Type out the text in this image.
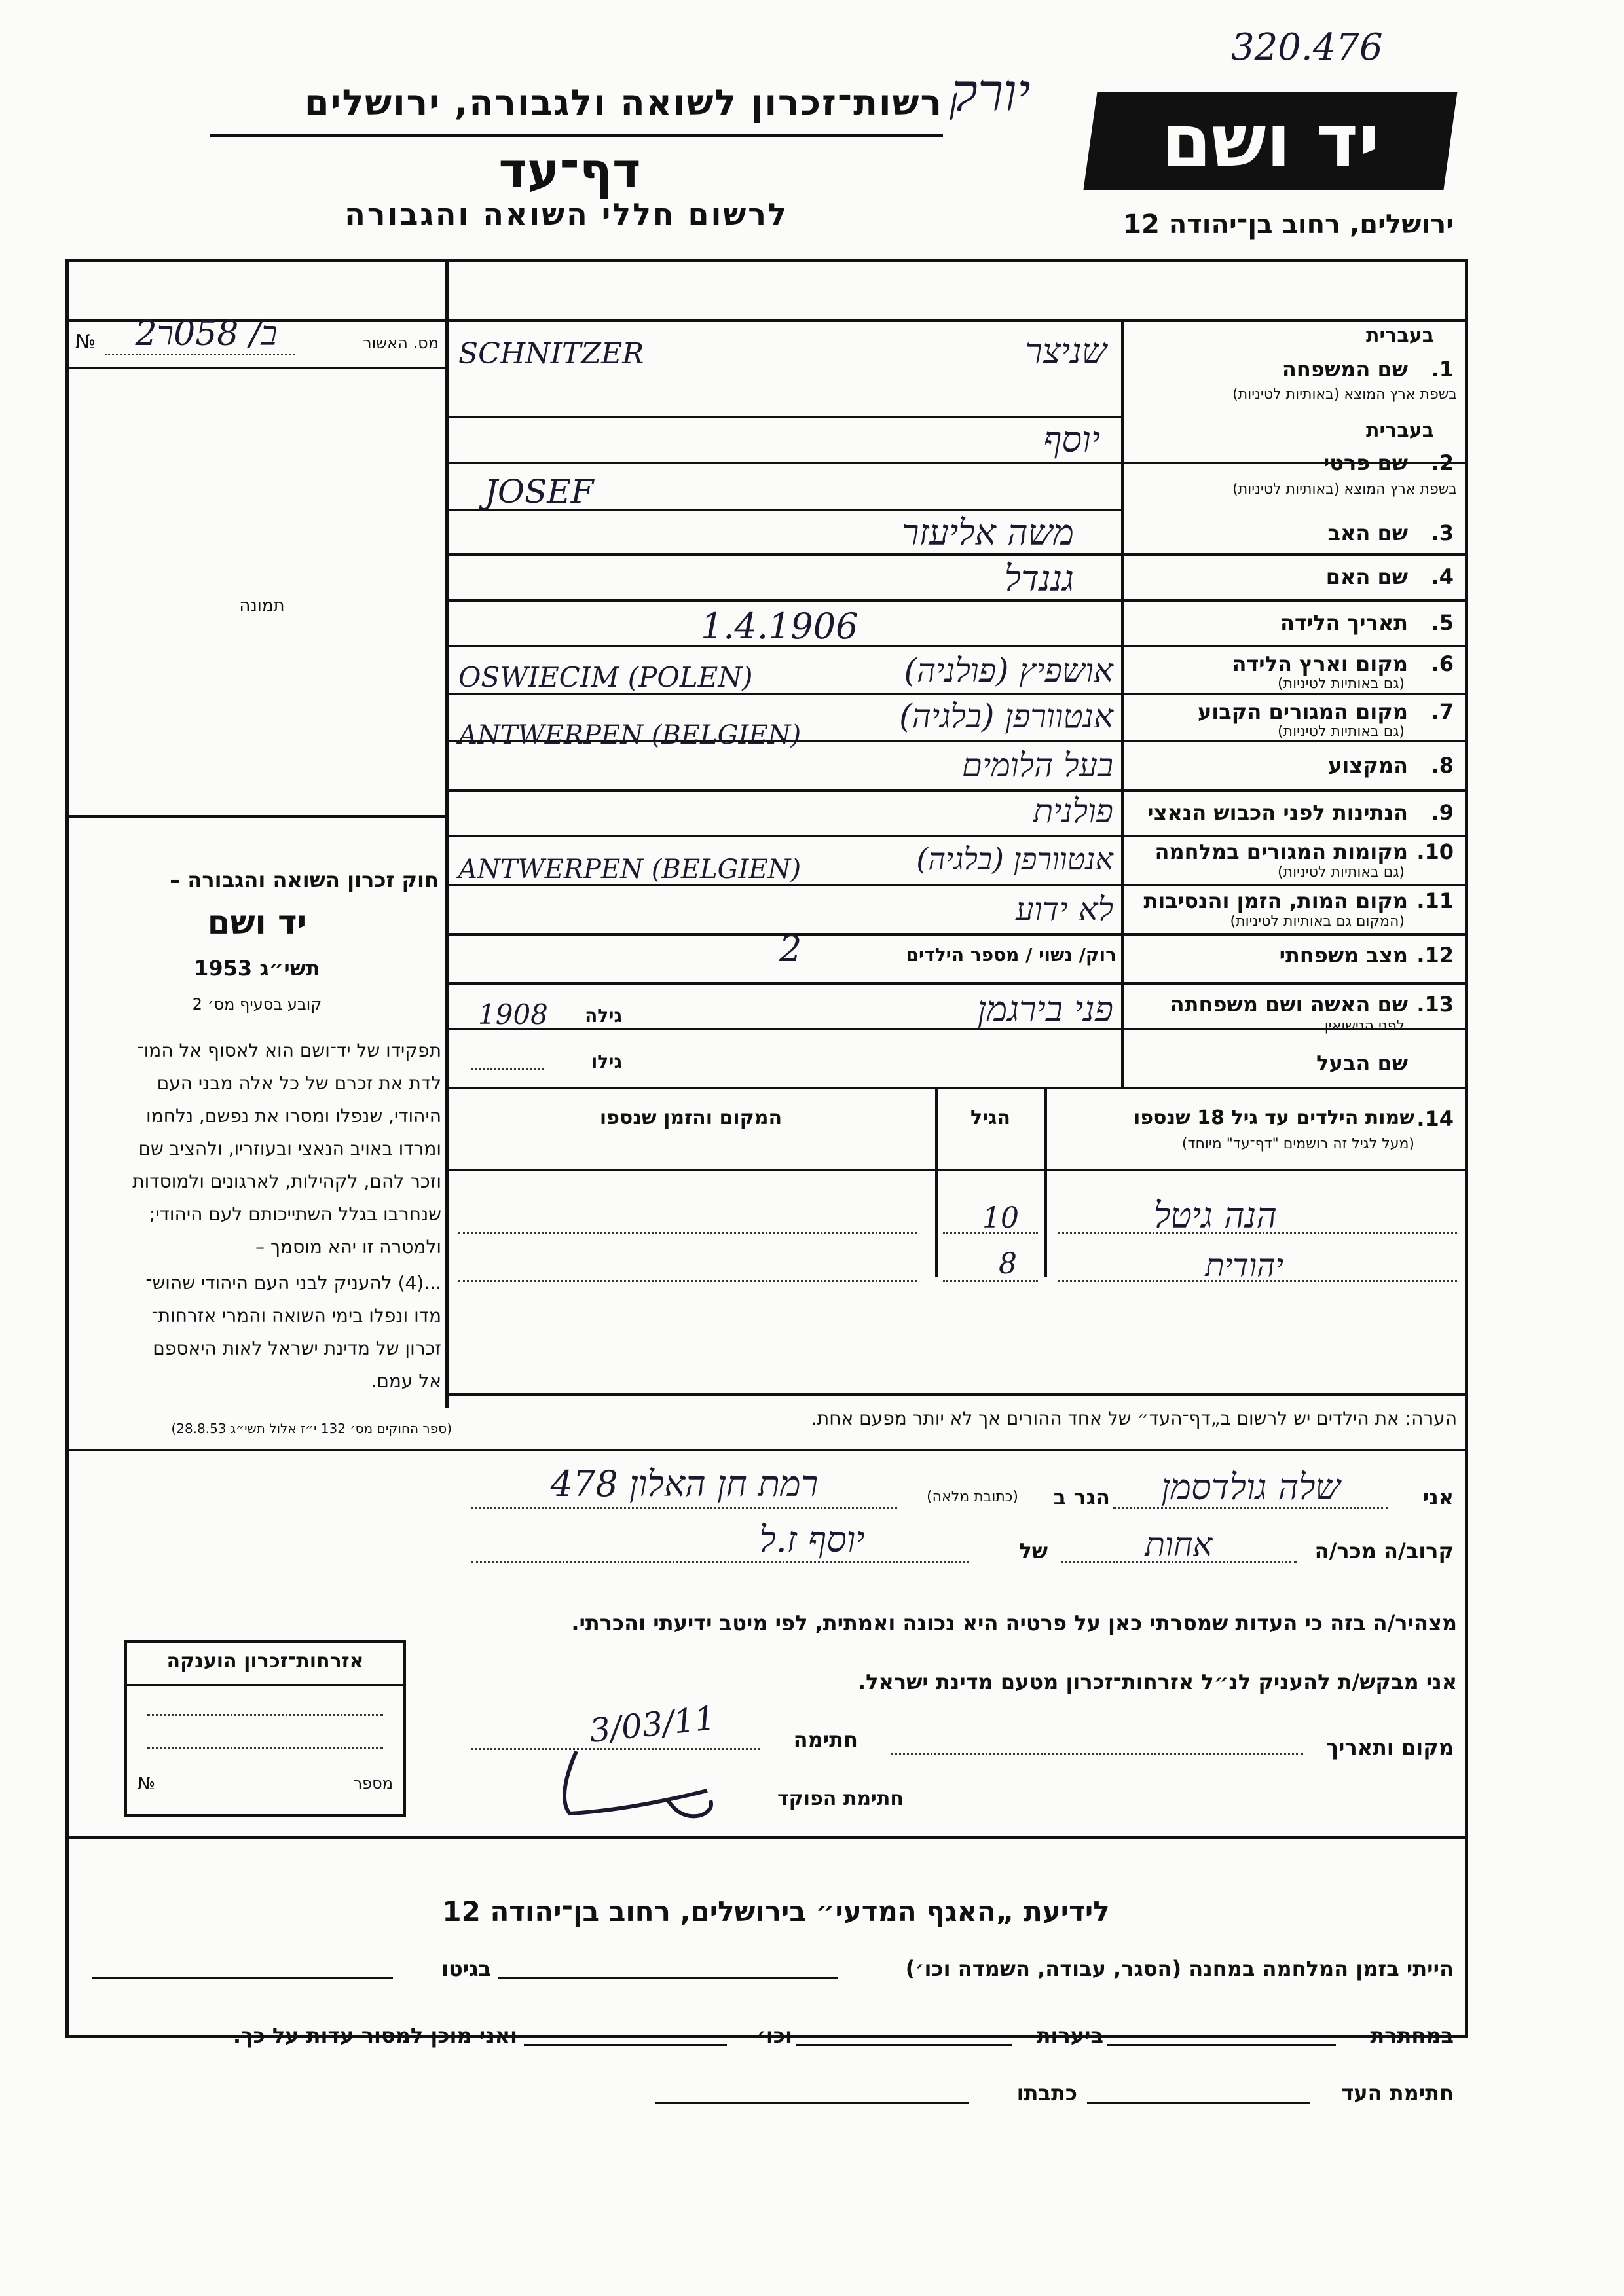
320.476
רשות־זכרון לשואה ולגבורה, ירושלים יורק
דף־עד
לרשום חללי השואה והגבורה
יד ושם
ירושלים, רחוב בן־יהודה 12
№	ב/ 058ר2	מס. האשור
תמונה
חוק זכרון השואה והגבורה –
יד ושם
תשי״ג 1953
קובע בסעיף מס׳ 2
תפקידו של יד־ושם הוא לאסוף אל המו־
לדת את זכרם של כל אלה מבני העם
היהודי, שנפלו ומסרו את נפשם, נלחמו
ומרדו באויב הנאצי ובעוזריו, ולהציב שם
וזכר להם, לקהילות, לארגונים ולמוסדות
שנחרבו בגלל השתייכותם לעם היהודי;
ולמטרה זו יהא מוסמך –
...(4) להעניק לבני העם היהודי שהוש־
מדו ונפלו בימי השואה והמרי אזרחות־
זכרון של מדינת ישראל לאות היאספם
אל עמם.
(ספר החוקים מס׳ 132 י״ז אלול תשי״ג 28.8.53)
בעברית
שם המשפחה	1.
בשפת ארץ המוצא (באותיות לטיניות)
SCHNITZER	שניצר
בעברית
שם פרטי	2.
בשפת ארץ המוצא (באותיות לטיניות)
יוסף
JOSEF
שם האב	3.
משה אליעזר
שם האם	4.
גננדל
תאריך הלידה	5.
1.4.1906
מקום וארץ הלידה	6.
(גם באותיות לטיניות)
OSWIECIM (POLEN)	אושפיץ (פולניה)
מקום המגורים הקבוע	7.
(גם באותיות לטיניות)
ANTWERPEN (BELGIEN)	אנטוורפן (בלגיה)
המקצוע	8.
בעל הלומים
הנתינות לפני הכבוש הנאצי	9.
פולנית
מקומות המגורים במלחמה 10.
(גם באותיות לטיניות)
ANTWERPEN (BELGIEN)	אנטוורפן (בלגיה)
מקום המות, הזמן והנסיבות 11.
(המקום גם באותיות לטיניות)
לא ידוע
מצב משפחתי 12.
רוק/ נשוי / מספר הילדים
2
שם האשה ושם משפחתה 13.
לפני הנישואין
פני בירגמן
גילה
1908
שם הבעל
גילו
שמות הילדים עד גיל 18 שנספו 14.
(מעל לגיל זה רושמים "דף־עד" מיוחד)
הגיל
המקום והזמן שנספו
הנה גיטל
10
יהודית
8
הערה: את הילדים יש לרשום ב„דף־העד״ של אחד ההורים אך לא יותר מפעם אחת.
אני
שלה גולדסמן
הגר ב
(כתובת מלאה)
רמת חן האלון 478
קרוב/ה מכר/ה
אחות
של
יוסף ז.ל
מצהיר/ה בזה כי העדות שמסרתי כאן על פרטיה היא נכונה ואמתית, לפי מיטב ידיעתי והכרתי.
אני מבקש/ת להעניק לנ״ל אזרחות־זכרון מטעם מדינת ישראל.
מקום ותאריך
חתימה
3/03/11
חתימת הפוקד
אזרחות־זכרון הוענקה
מספר
№
לידיעת „האגף המדעי״ בירושלים, רחוב בן־יהודה 12
הייתי בזמן המלחמה במחנה (הסגר, עבודה, השמדה וכו׳)
בגיטו
במחתרת
ביערות
וכו׳
ואני מוכן למסור עדות על כך.
חתימת העד
כתבתו
